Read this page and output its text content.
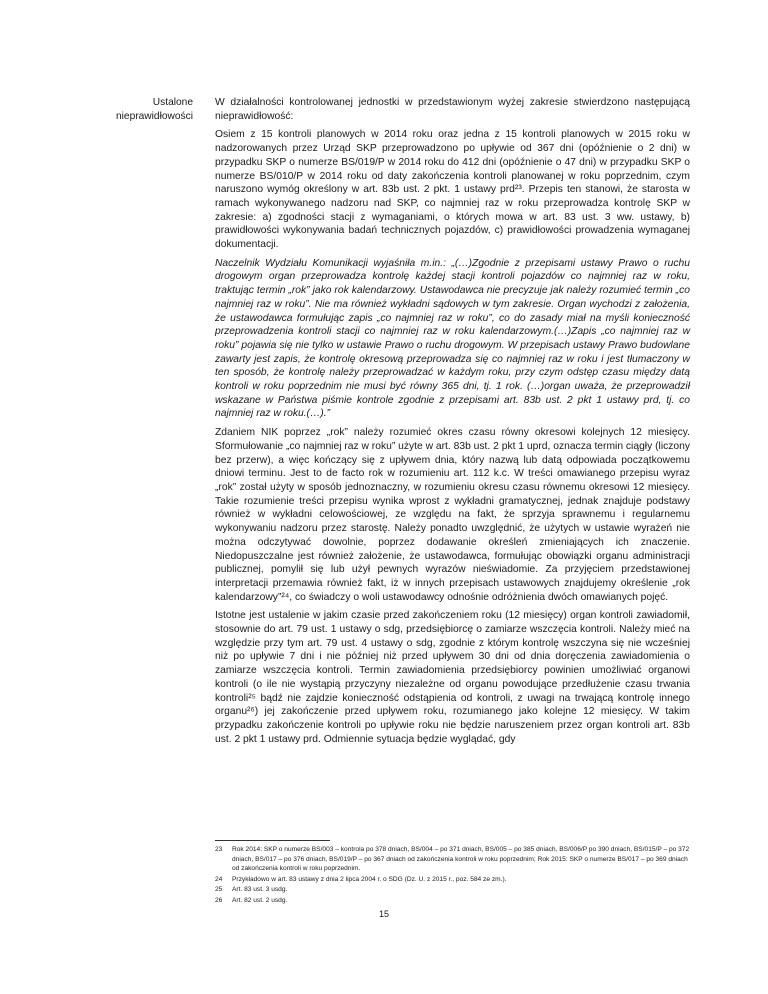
Ustalone
nieprawidłowości

W działalności kontrolowanej jednostki w przedstawionym wyżej zakresie stwierdzono następującą nieprawidłowość:

Osiem z 15 kontroli planowych w 2014 roku oraz jedna z 15 kontroli planowych w 2015 roku w nadzorowanych przez Urząd SKP przeprowadzono po upływie od 367 dni (opóźnienie o 2 dni) w przypadku SKP o numerze BS/019/P w 2014 roku do 412 dni (opóźnienie o 47 dni) w przypadku SKP o numerze BS/010/P w 2014 roku od daty zakończenia kontroli planowanej w roku poprzednim, czym naruszono wymóg określony w art. 83b ust. 2 pkt. 1 ustawy prd²³. Przepis ten stanowi, że starosta w ramach wykonywanego nadzoru nad SKP, co najmniej raz w roku przeprowadza kontrolę SKP w zakresie: a) zgodności stacji z wymaganiami, o których mowa w art. 83 ust. 3 ww. ustawy, b) prawidłowości wykonywania badań technicznych pojazdów, c) prawidłowości prowadzenia wymaganej dokumentacji.

Naczelnik Wydziału Komunikacji wyjaśniła m.in.: „(…)Zgodnie z przepisami ustawy Prawo o ruchu drogowym organ przeprowadza kontrolę każdej stacji kontroli pojazdów co najmniej raz w roku, traktując termin „rok” jako rok kalendarzowy. Ustawodawca nie precyzuje jak należy rozumieć termin „co najmniej raz w roku”. Nie ma również wykładni sądowych w tym zakresie. Organ wychodzi z założenia, że ustawodawca formułując zapis „co najmniej raz w roku”, co do zasady miał na myśli konieczność przeprowadzenia kontroli stacji co najmniej raz w roku kalendarzowym.(…)Zapis „co najmniej raz w roku” pojawia się nie tylko w ustawie Prawo o ruchu drogowym. W przepisach ustawy Prawo budowlane zawarty jest zapis, że kontrolę okresową przeprowadza się co najmniej raz w roku i jest tłumaczony w ten sposób, że kontrolę należy przeprowadzać w każdym roku, przy czym odstęp czasu między datą kontroli w roku poprzednim nie musi być równy 365 dni, tj. 1 rok. (…)organ uważa, że przeprowadził wskazane w Państwa piśmie kontrole zgodnie z przepisami art. 83b ust. 2 pkt 1 ustawy prd, tj. co najmniej raz w roku.(…).”

Zdaniem NIK poprzez „rok” należy rozumieć okres czasu równy okresowi kolejnych 12 miesięcy. Sformułowanie „co najmniej raz w roku” użyte w art. 83b ust. 2 pkt 1 uprd, oznacza termin ciągły (liczony bez przerw), a więc kończący się z upływem dnia, który nazwą lub datą odpowiada początkowemu dniowi terminu. Jest to de facto rok w rozumieniu art. 112 k.c. W treści omawianego przepisu wyraz „rok” został użyty w sposób jednoznaczny, w rozumieniu okresu czasu równemu okresowi 12 miesięcy. Takie rozumienie treści przepisu wynika wprost z wykładni gramatycznej, jednak znajduje podstawy również w wykładni celowościowej, ze względu na fakt, że sprzyja sprawnemu i regularnemu wykonywaniu nadzoru przez starostę. Należy ponadto uwzględnić, że użytych w ustawie wyrażeń nie można odczytywać dowolnie, poprzez dodawanie określeń zmieniających ich znaczenie. Niedopuszczalne jest również założenie, że ustawodawca, formułując obowiązki organu administracji publicznej, pomylił się lub użył pewnych wyrazów nieświadomie. Za przyjęciem przedstawionej interpretacji przemawia również fakt, iż w innych przepisach ustawowych znajdujemy określenie „rok kalendarzowy”²⁴, co świadczy o woli ustawodawcy odnośnie odróżnienia dwóch omawianych pojęć.

Istotne jest ustalenie w jakim czasie przed zakończeniem roku (12 miesięcy) organ kontroli zawiadomił, stosownie do art. 79 ust. 1 ustawy o sdg, przedsiębiorcę o zamiarze wszczęcia kontroli. Należy mieć na względzie przy tym art. 79 ust. 4 ustawy o sdg, zgodnie z którym kontrolę wszczyna się nie wcześniej niż po upływie 7 dni i nie później niż przed upływem 30 dni od dnia doręczenia zawiadomienia o zamiarze wszczęcia kontroli. Termin zawiadomienia przedsiębiorcy powinien umożliwiać organowi kontroli (o ile nie wystąpią przyczyny niezależne od organu powodujące przedłużenie czasu trwania kontroli²⁵ bądź nie zajdzie konieczność odstąpienia od kontroli, z uwagi na trwającą kontrolę innego organu²⁶) jej zakończenie przed upływem roku, rozumianego jako kolejne 12 miesięcy. W takim przypadku zakończenie kontroli po upływie roku nie będzie naruszeniem przez organ kontroli art. 83b ust. 2 pkt 1 ustawy prd. Odmiennie sytuacja będzie wyglądać, gdy

23 Rok 2014: SKP o numerze BS/003 – kontrola po 378 dniach, BS/004 – po 371 dniach, BS/005 – po 385 dniach, BS/006/P po 390 dniach, BS/015/P – po 372 dniach, BS/017 – po 376 dniach, BS/019/P – po 367 dniach od zakończenia kontroli w roku poprzednim; Rok 2015: SKP o numerze BS/017 – po 369 dniach od zakończenia kontroli w roku poprzednim.
24 Przykładowo w art. 83 ustawy z dnia 2 lipca 2004 r. o SDG (Dz. U. z 2015 r., poz. 584 ze zm.).
25 Art. 83 ust. 3 usdg.
26 Art. 82 ust. 2 usdg.
15
